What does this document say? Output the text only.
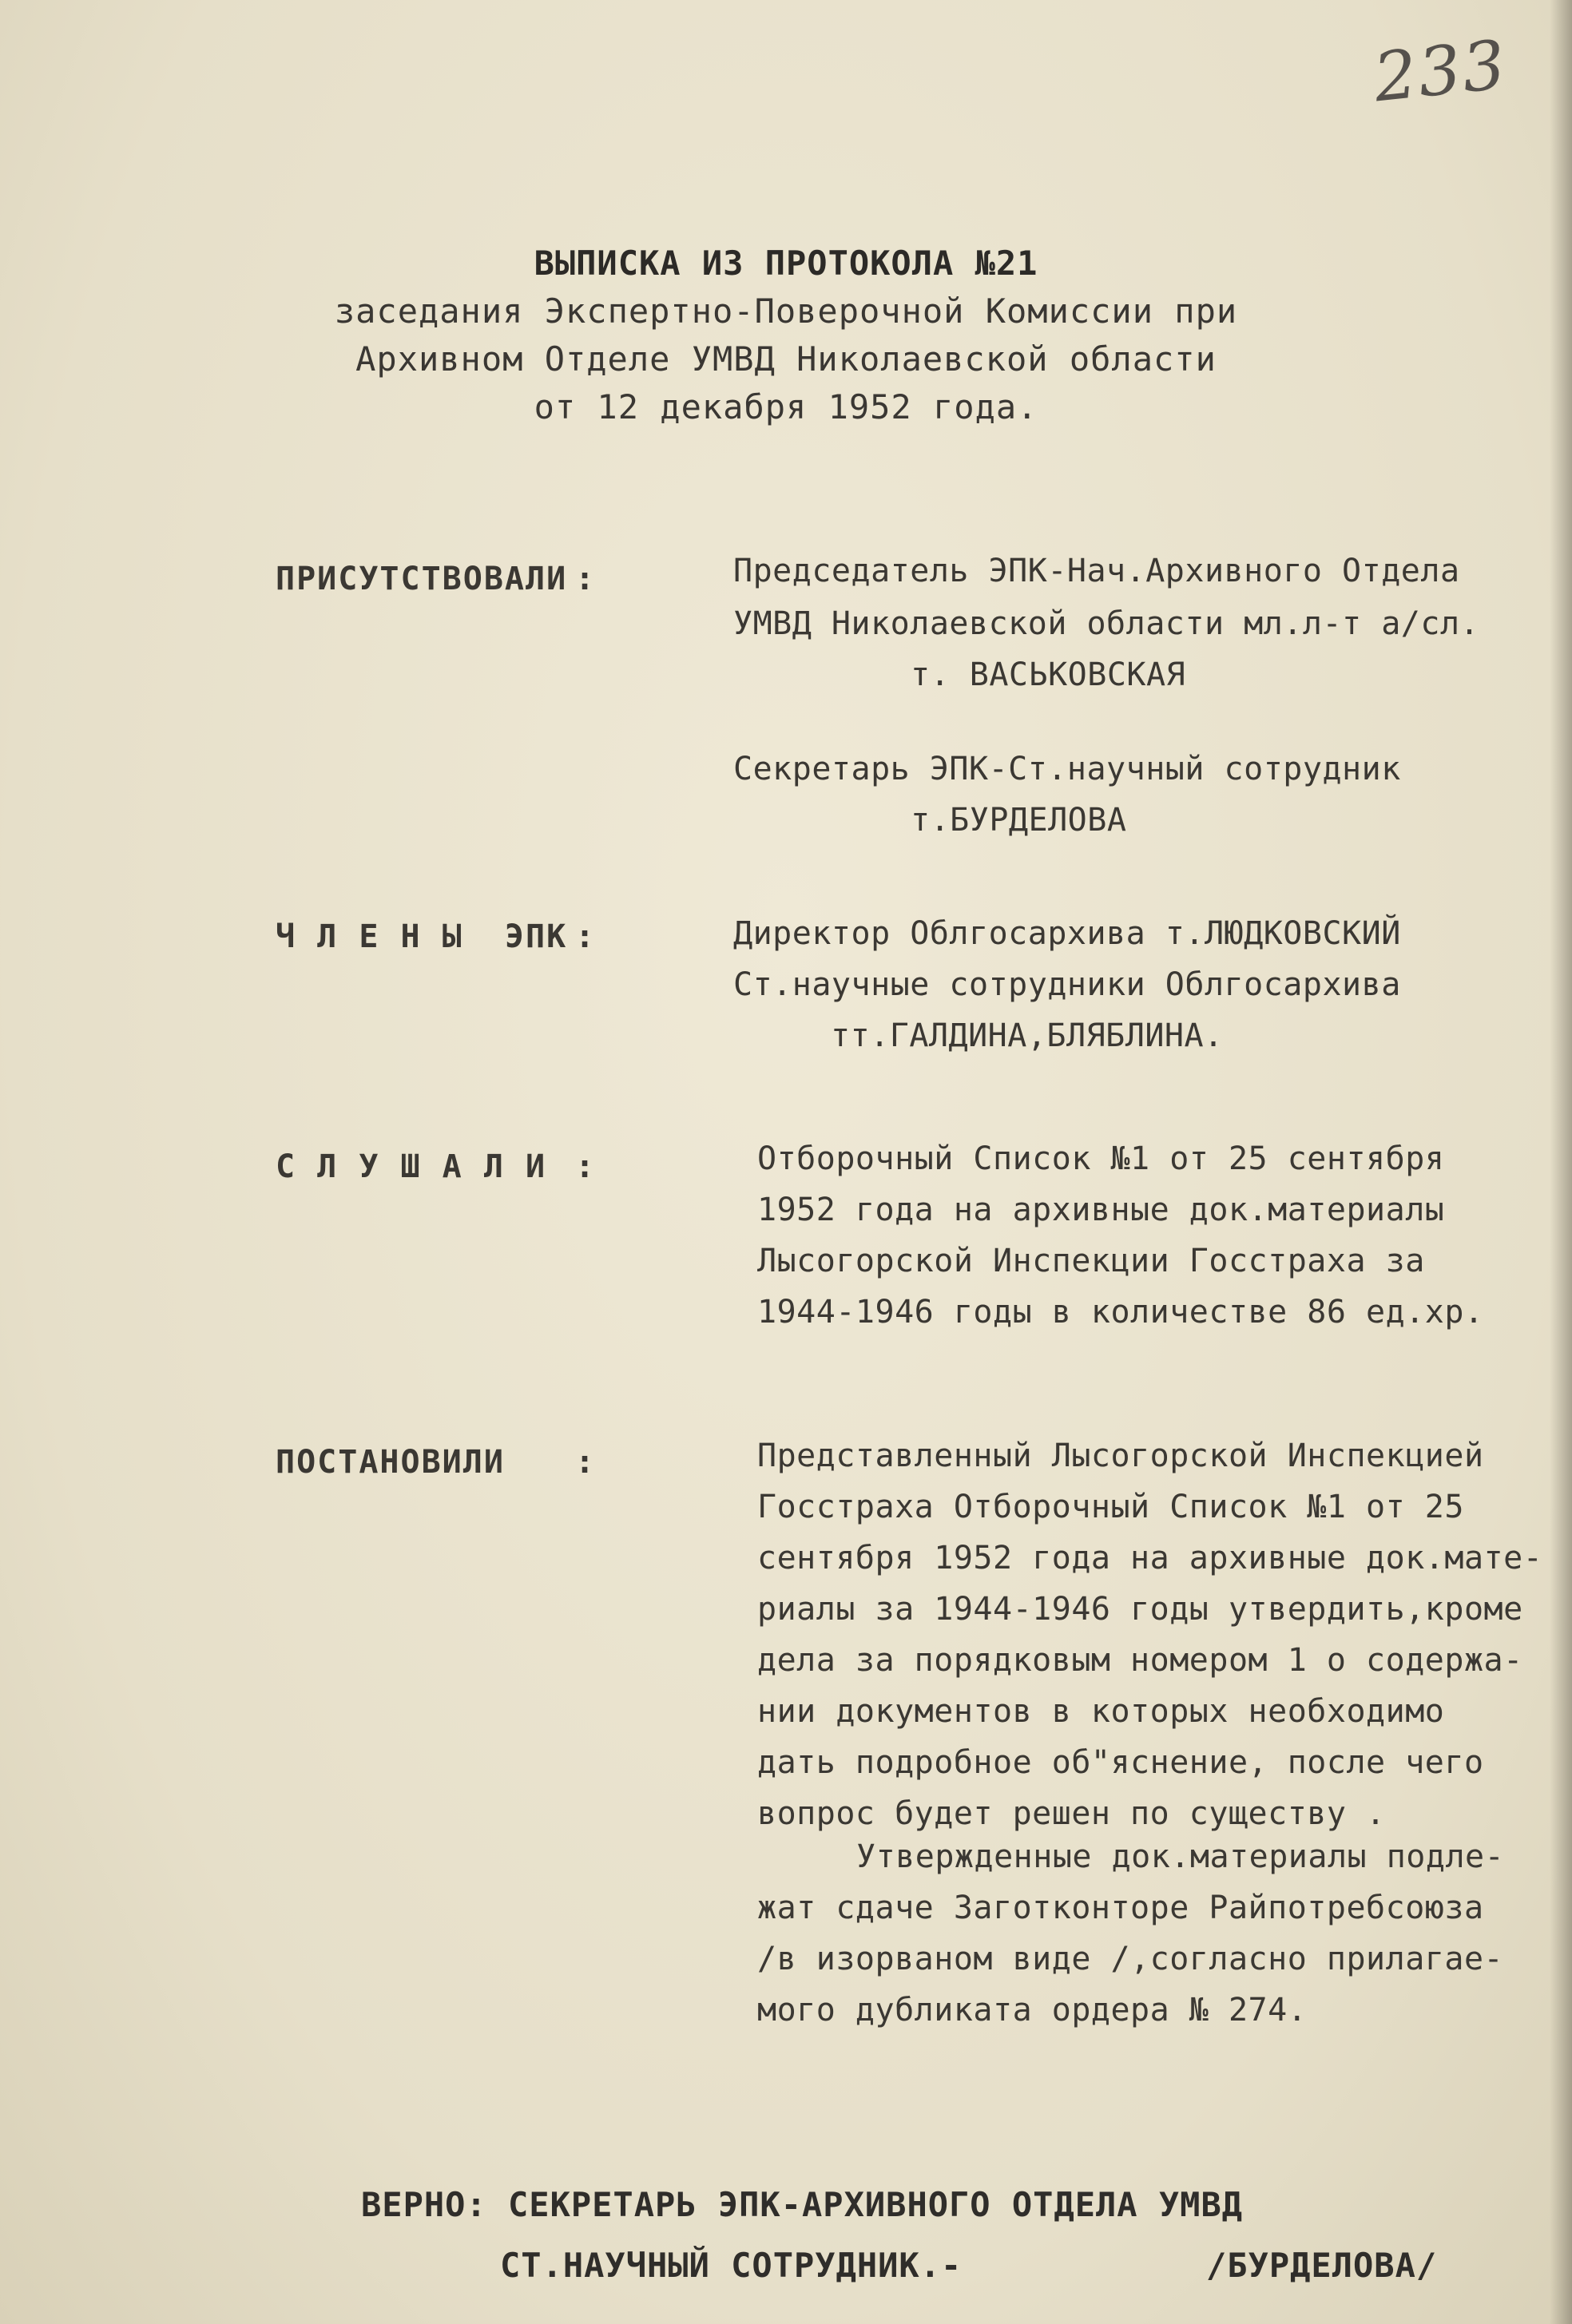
233
ВЫПИСКА ИЗ ПРОТОКОЛА №21
заседания Экспертно-Поверочной Комиссии при
Архивном Отделе УМВД Николаевской области
от 12 декабря 1952 года.
ПРИСУТСТВОВАЛИ :	Председатель ЭПК-Нач.Архивного Отдела
УМВД Николаевской области мл.л-т а/сл.
т. ВАСЬКОВСКАЯ
Секретарь ЭПК-Ст.научный сотрудник
т.БУРДЕЛОВА
Ч Л Е Н Ы  ЭПК :	Директор Облгосархива т.ЛЮДКОВСКИЙ
Ст.научные сотрудники Облгосархива
тт.ГАЛДИНА,БЛЯБЛИНА.
С Л У Ш А Л И :	Отборочный Список №1 от 25 сентября
1952 года на архивные док.материалы
Лысогорской Инспекции Госстраха за
1944-1946 годы в количестве 86 ед.хр.
ПОСТАНОВИЛИ :	Представленный Лысогорской Инспекцией
Госстраха Отборочный Список №1 от 25
сентября 1952 года на архивные док.мате-
риалы за 1944-1946 годы утвердить,кроме
дела за порядковым номером 1 о содержа-
нии документов в которых необходимо
дать подробное об"яснение, после чего
вопрос будет решен по существу .
Утвержденные док.материалы подле-
жат сдаче Заготконторе Райпотребсоюза
/в изорваном виде /,согласно прилагае-
мого дубликата ордера № 274.
ВЕРНО: СЕКРЕТАРЬ ЭПК-АРХИВНОГО ОТДЕЛА УМВД
СТ.НАУЧНЫЙ СОТРУДНИК.-	/БУРДЕЛОВА/
